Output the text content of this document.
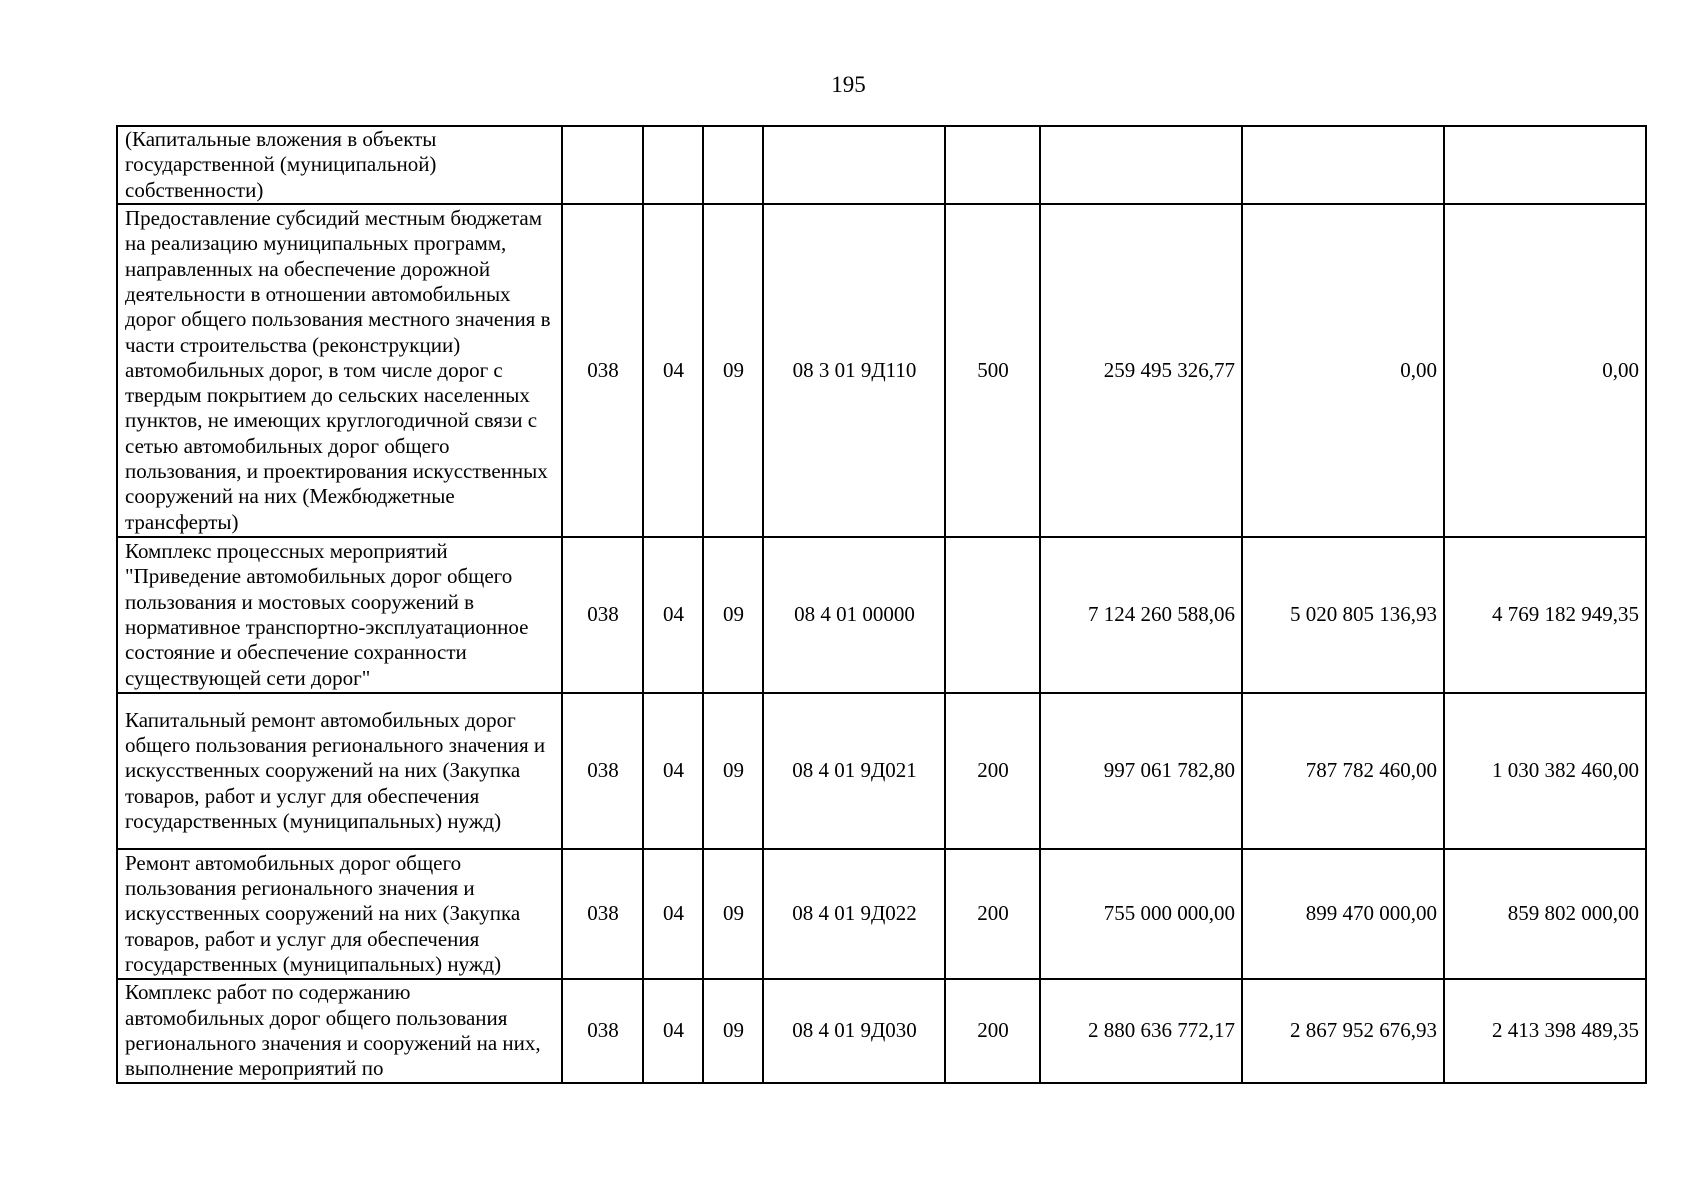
195
(Капитальные вложения в объекты государственной (муниципальной) собственности)								
Предоставление субсидий местным бюджетам на реализацию муниципальных программ, направленных на обеспечение дорожной деятельности в отношении автомобильных дорог общего пользования местного значения в части строительства (реконструкции) автомобильных дорог, в том числе дорог с твердым покрытием до сельских населенных пунктов, не имеющих круглогодичной связи с сетью автомобильных дорог общего пользования, и проектирования искусственных сооружений на них (Межбюджетные трансферты)	038	04	09	08 3 01 9Д110	500	259 495 326,77	0,00	0,00
Комплекс процессных мероприятий "Приведение автомобильных дорог общего пользования и мостовых сооружений в нормативное транспортно-эксплуатационное состояние и обеспечение сохранности существующей сети дорог"	038	04	09	08 4 01 00000		7 124 260 588,06	5 020 805 136,93	4 769 182 949,35
Капитальный ремонт автомобильных дорог общего пользования регионального значения и искусственных сооружений на них (Закупка товаров, работ и услуг для обеспечения государственных (муниципальных) нужд)	038	04	09	08 4 01 9Д021	200	997 061 782,80	787 782 460,00	1 030 382 460,00
Ремонт автомобильных дорог общего пользования регионального значения и искусственных сооружений на них (Закупка товаров, работ и услуг для обеспечения государственных (муниципальных) нужд)	038	04	09	08 4 01 9Д022	200	755 000 000,00	899 470 000,00	859 802 000,00
Комплекс работ по содержанию автомобильных дорог общего пользования регионального значения и сооружений на них, выполнение мероприятий по	038	04	09	08 4 01 9Д030	200	2 880 636 772,17	2 867 952 676,93	2 413 398 489,35
